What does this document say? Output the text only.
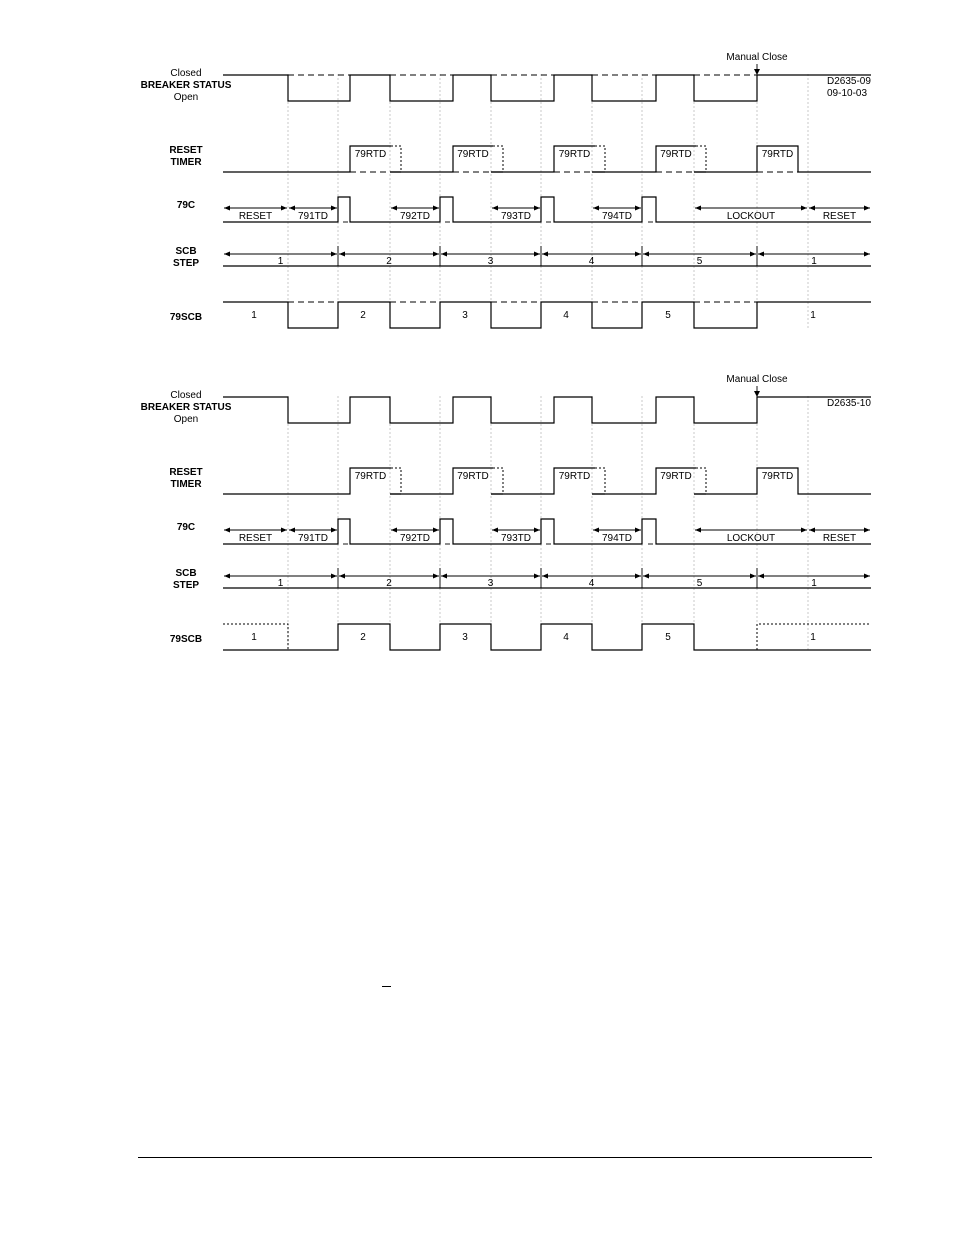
Closed
BREAKER STATUS
Open
RESET
TIMER
79C
SCB
STEP
79SCB
D2635-09
09-10-03
Manual Close
79RTD	79RTD	79RTD	79RTD	79RTD
RESET	791TD	792TD	793TD	794TD	LOCKOUT	RESET
1	2	3	4	5	1
1	2	3	4	5	1
Closed
BREAKER STATUS
Open
RESET
TIMER
79C
SCB
STEP
79SCB
D2635-10
Manual Close
79RTD	79RTD	79RTD	79RTD	79RTD
RESET	791TD	792TD	793TD	794TD	LOCKOUT	RESET
1	2	3	4	5	1
1	2	3	4	5	1
